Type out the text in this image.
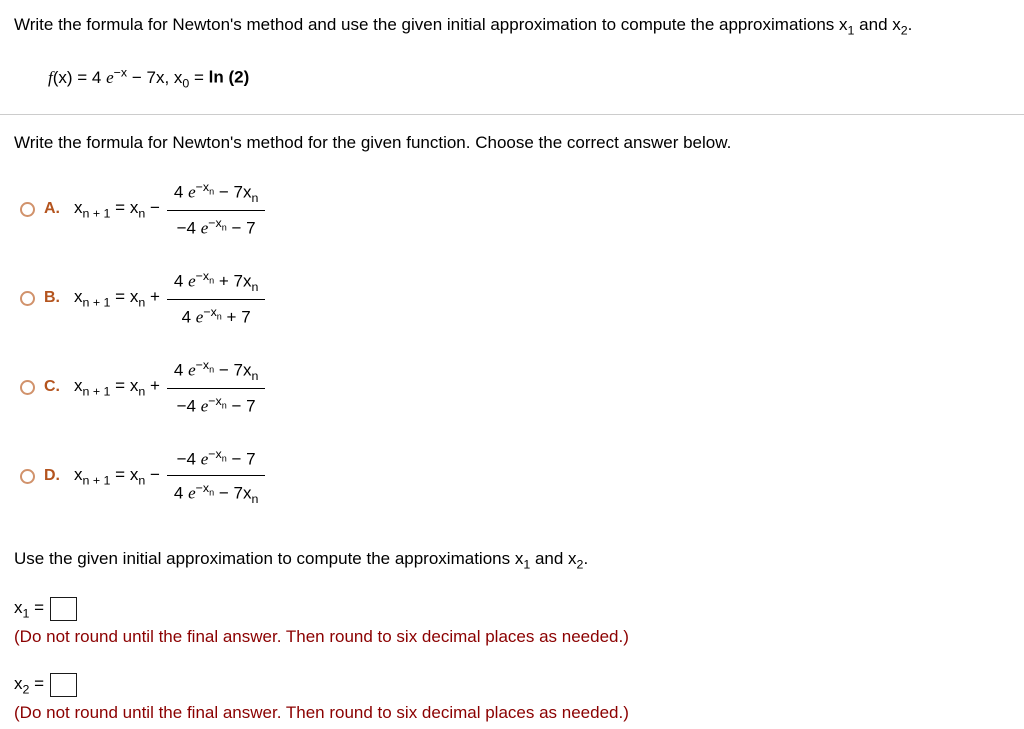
Write the formula for Newton's method and use the given initial approximation to compute the approximations $x_1$ and $x_2$.
f(x) = 4 $e^{-x} - 7x$, $x_0 = \ln (2)$
Write the formula for Newton's method for the given function. Choose the correct answer below.
A. $x_{n + 1} = x_n - \frac{4 e^{-x_n} - 7x_n}{-4 e^{-x_n} - 7}$
B. $x_{n + 1} = x_n + \frac{4 e^{-x_n} + 7x_n}{4 e^{-x_n} + 7}$
C. $x_{n + 1} = x_n + \frac{4 e^{-x_n} - 7x_n}{-4 e^{-x_n} - 7}$
D. $x_{n + 1} = x_n - \frac{-4 e^{-x_n} - 7}{4 e^{-x_n} - 7x_n}$
Use the given initial approximation to compute the approximations $x_1$ and $x_2$.
$x_1$ =
(Do not round until the final answer. Then round to six decimal places as needed.)
$x_2$ =
(Do not round until the final answer. Then round to six decimal places as needed.)
